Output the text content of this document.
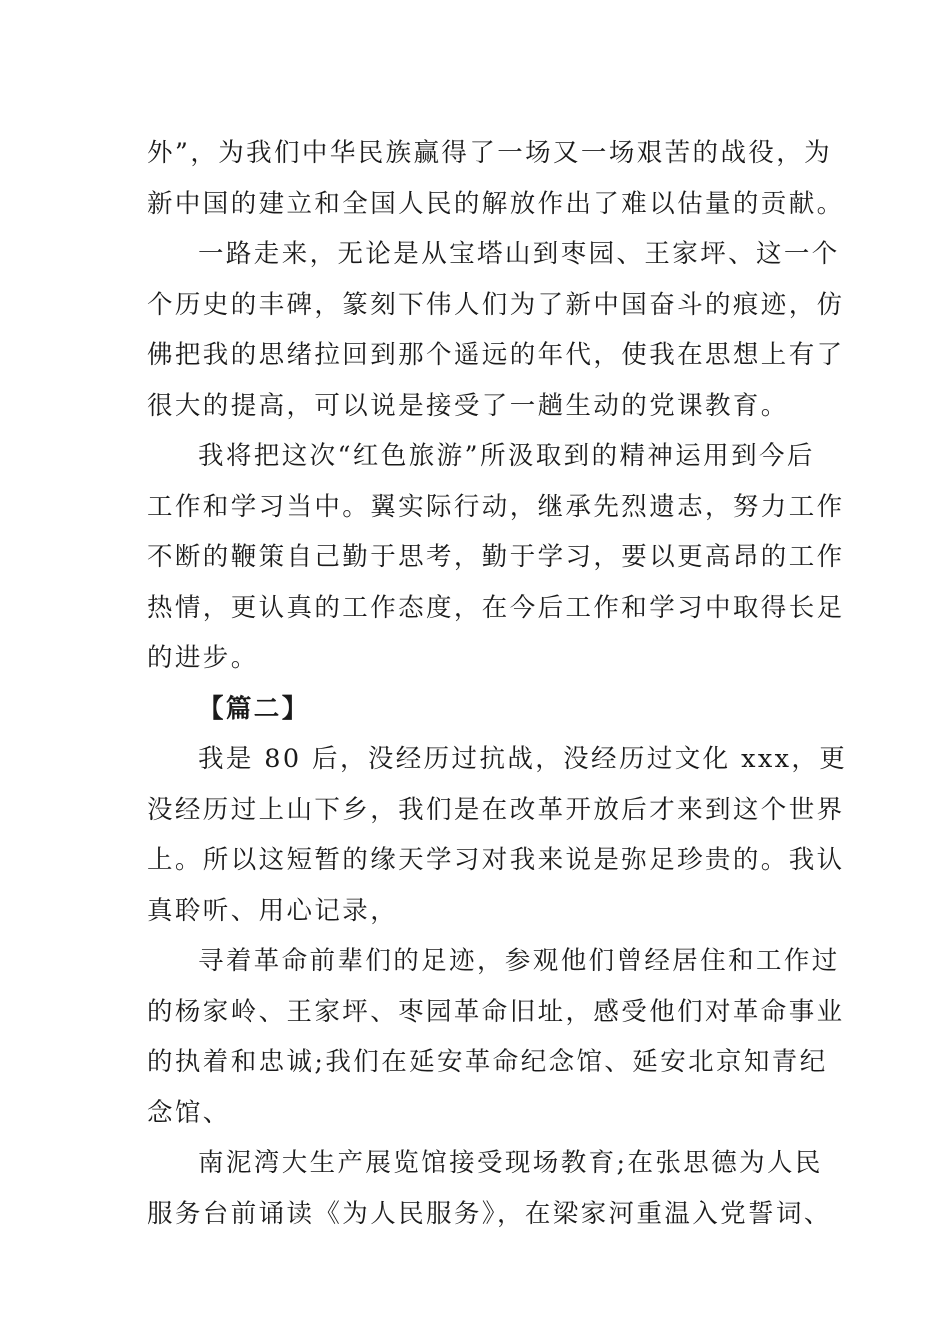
外”，为我们中华民族赢得了一场又一场艰苦的战役，为
新中国的建立和全国人民的解放作出了难以估量的贡献。
一路走来，无论是从宝塔山到枣园、王家坪、这一个
个历史的丰碑，篆刻下伟人们为了新中国奋斗的痕迹，仿
佛把我的思绪拉回到那个遥远的年代，使我在思想上有了
很大的提高，可以说是接受了一趟生动的党课教育。
我将把这次“红色旅游”所汲取到的精神运用到今后
工作和学习当中。翼实际行动，继承先烈遗志，努力工作
不断的鞭策自己勤于思考，勤于学习，要以更高昂的工作
热情，更认真的工作态度，在今后工作和学习中取得长足
的进步。
【篇二】
我是 80 后，没经历过抗战，没经历过文化 xxx，更
没经历过上山下乡，我们是在改革开放后才来到这个世界
上。所以这短暂的缘天学习对我来说是弥足珍贵的。我认
真聆听、用心记录，
寻着革命前辈们的足迹，参观他们曾经居住和工作过
的杨家岭、王家坪、枣园革命旧址，感受他们对革命事业
的执着和忠诚;我们在延安革命纪念馆、延安北京知青纪
念馆、
南泥湾大生产展览馆接受现场教育;在张思德为人民
服务台前诵读《为人民服务》，在梁家河重温入党誓词、
